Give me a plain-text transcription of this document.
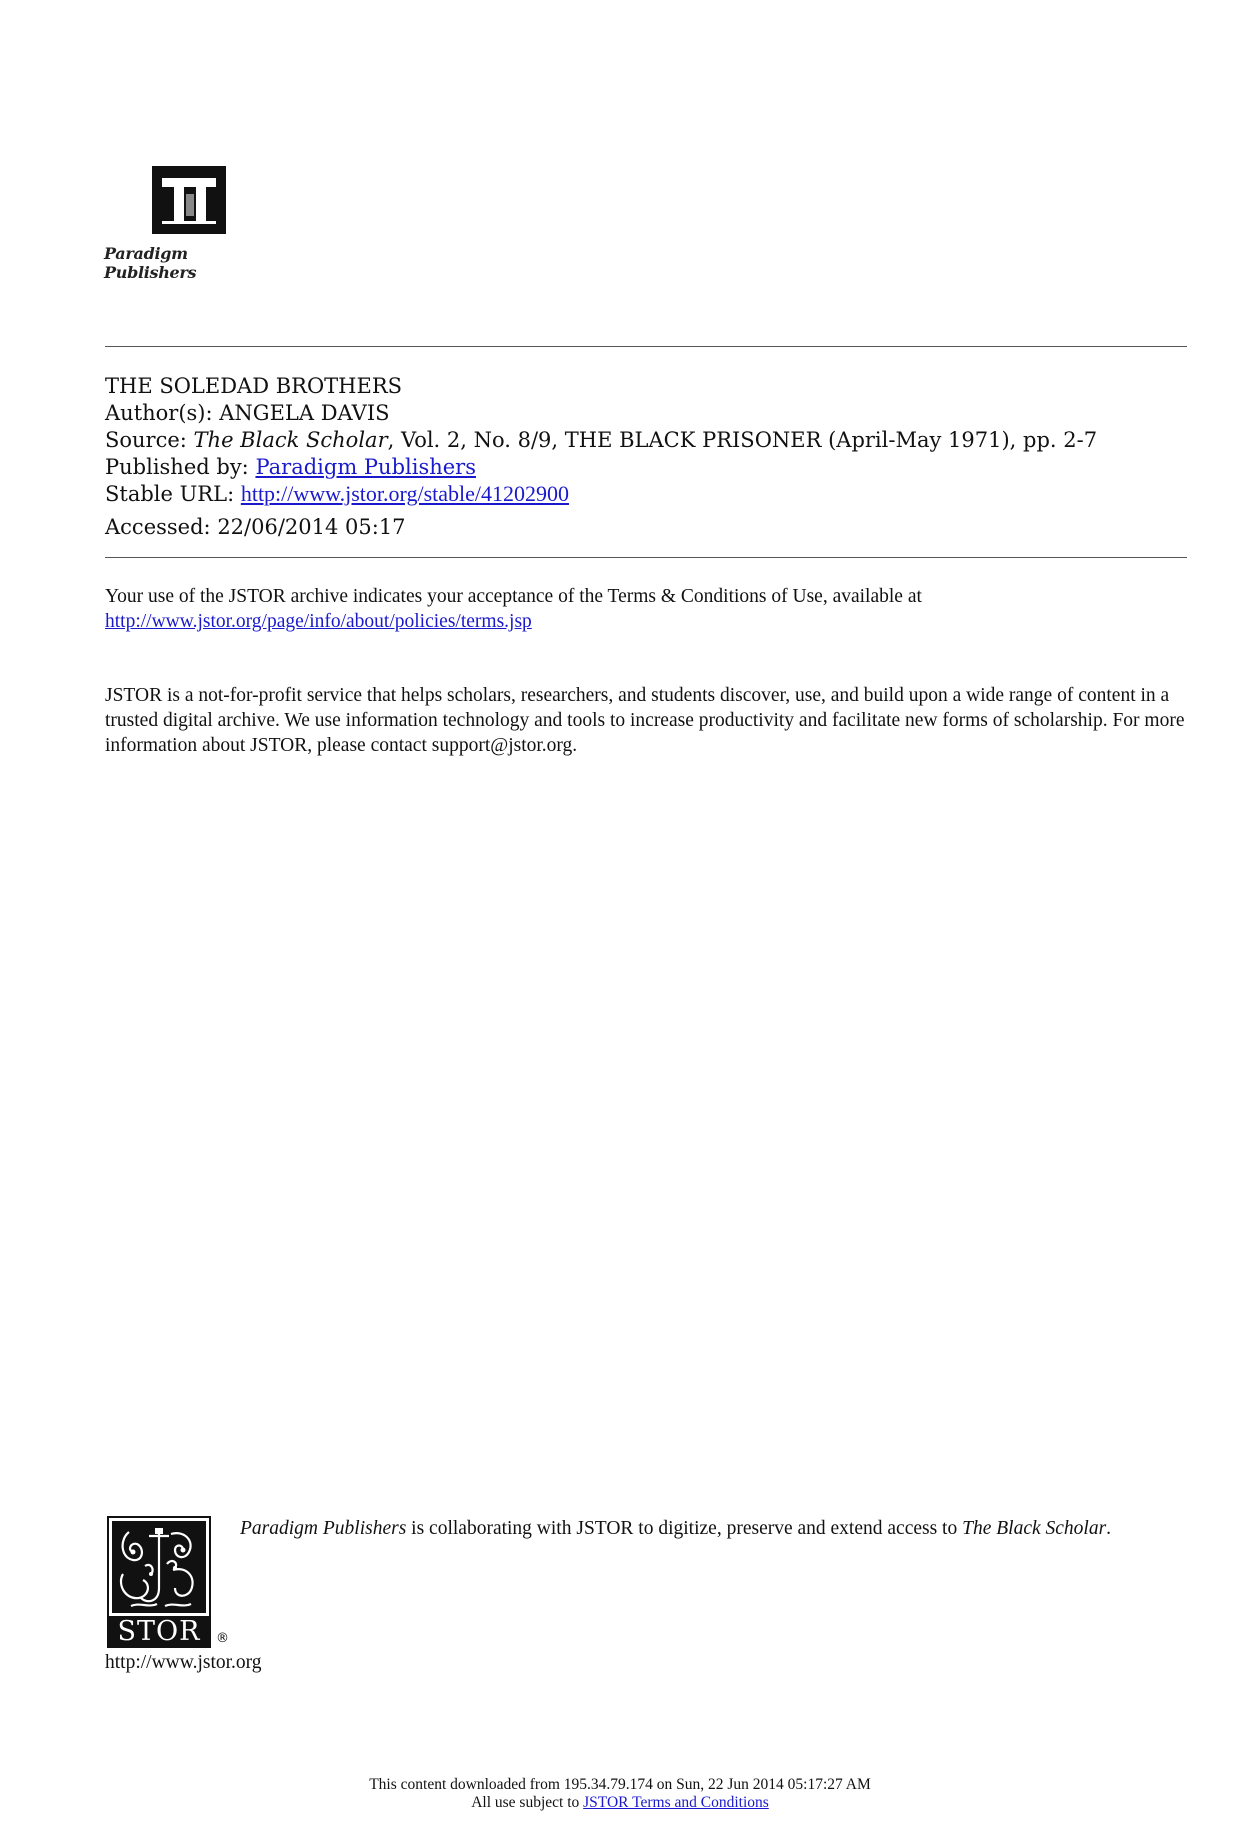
Paradigm Publishers
THE SOLEDAD BROTHERS
Author(s): ANGELA DAVIS
Source: The Black Scholar, Vol. 2, No. 8/9, THE BLACK PRISONER (April-May 1971), pp. 2-7
Published by: Paradigm Publishers
Stable URL: http://www.jstor.org/stable/41202900
Accessed: 22/06/2014 05:17
Your use of the JSTOR archive indicates your acceptance of the Terms & Conditions of Use, available at
http://www.jstor.org/page/info/about/policies/terms.jsp
JSTOR is a not-for-profit service that helps scholars, researchers, and students discover, use, and build upon a wide range of content in a trusted digital archive. We use information technology and tools to increase productivity and facilitate new forms of scholarship. For more information about JSTOR, please contact support@jstor.org.
Paradigm Publishers is collaborating with JSTOR to digitize, preserve and extend access to The Black Scholar.
STOR	®
http://www.jstor.org
This content downloaded from 195.34.79.174 on Sun, 22 Jun 2014 05:17:27 AM
All use subject to JSTOR Terms and Conditions
